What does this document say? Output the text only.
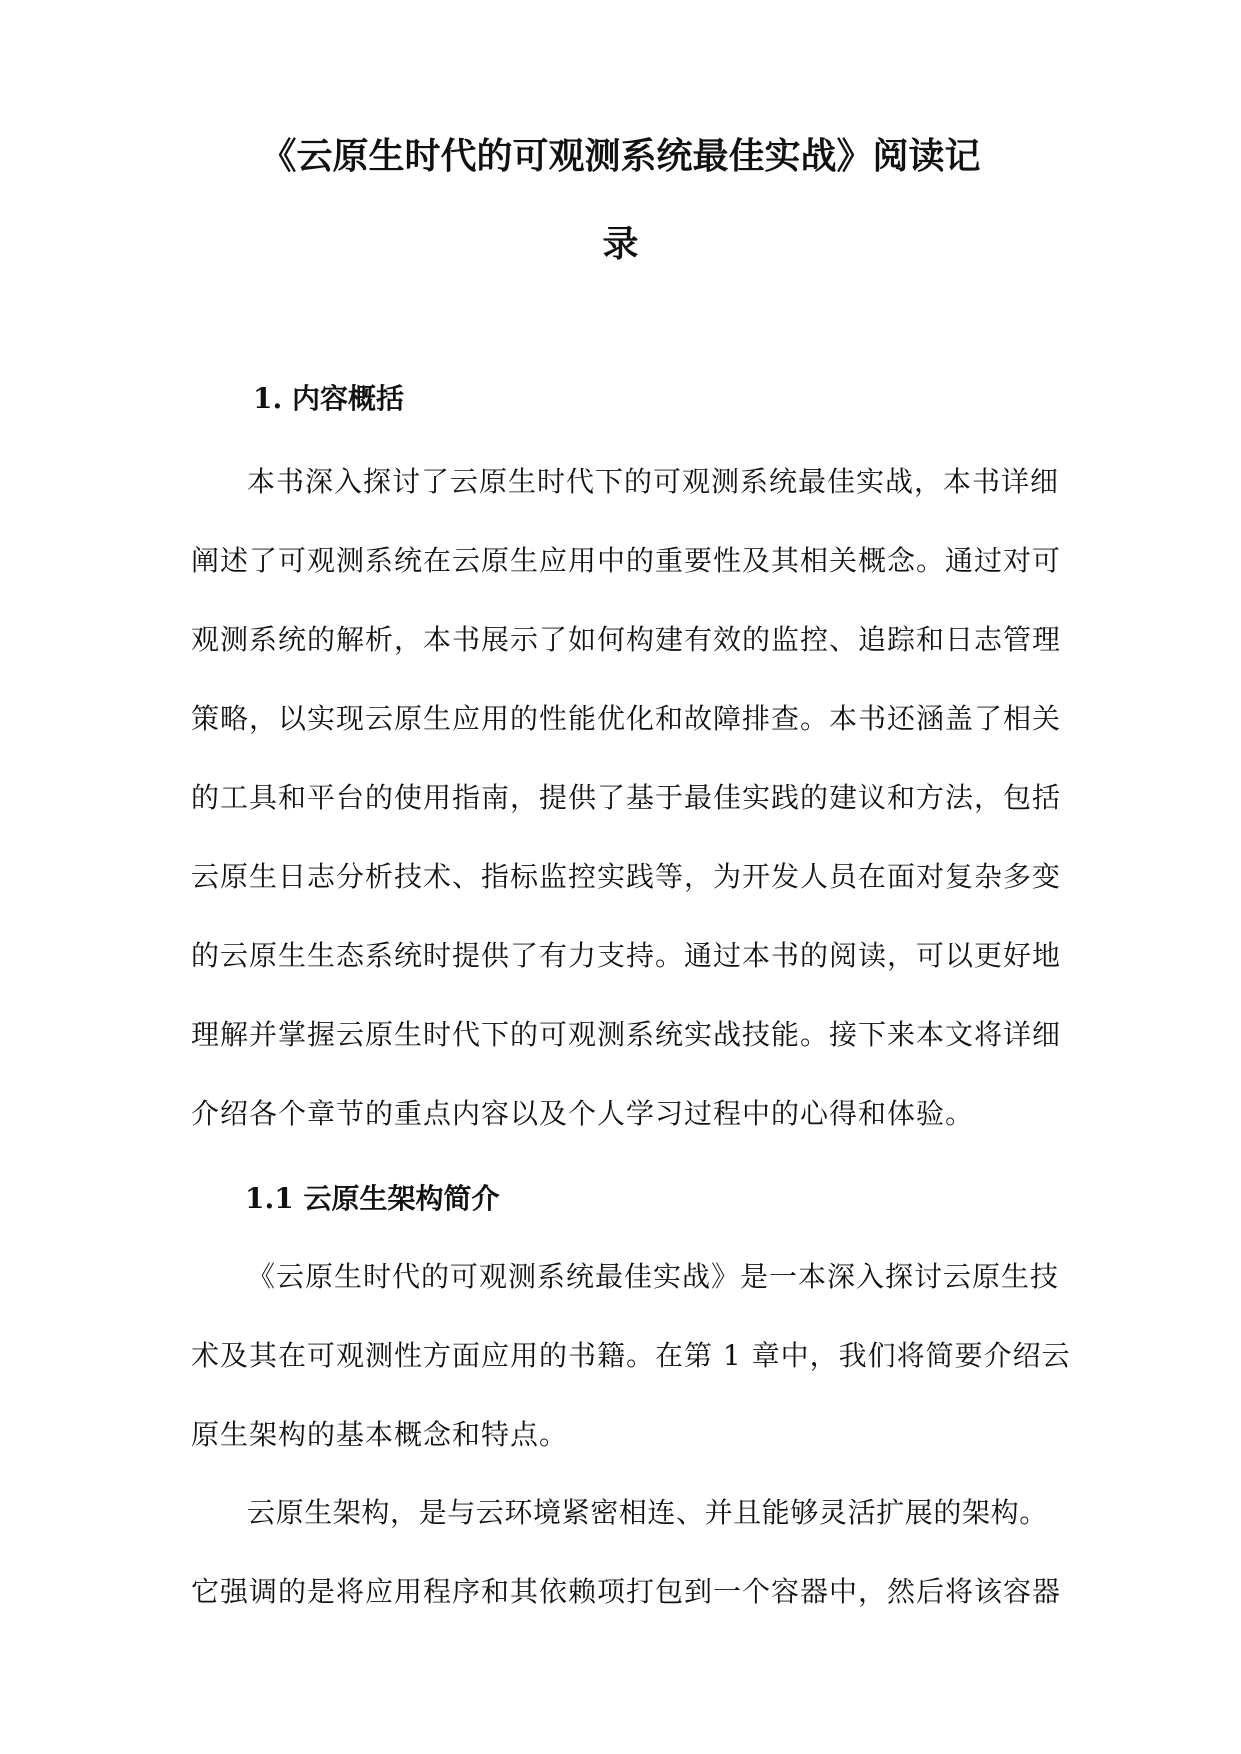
《云原生时代的可观测系统最佳实战》阅读记
录
1. 内容概括

本书深入探讨了云原生时代下的可观测系统最佳实战，本书详细

阐述了可观测系统在云原生应用中的重要性及其相关概念。通过对可

观测系统的解析，本书展示了如何构建有效的监控、追踪和日志管理

策略，以实现云原生应用的性能优化和故障排查。本书还涵盖了相关

的工具和平台的使用指南，提供了基于最佳实践的建议和方法，包括

云原生日志分析技术、指标监控实践等，为开发人员在面对复杂多变

的云原生生态系统时提供了有力支持。通过本书的阅读，可以更好地

理解并掌握云原生时代下的可观测系统实战技能。接下来本文将详细

介绍各个章节的重点内容以及个人学习过程中的心得和体验。

1.1 云原生架构简介

《云原生时代的可观测系统最佳实战》是一本深入探讨云原生技

术及其在可观测性方面应用的书籍。在第 1 章中，我们将简要介绍云

原生架构的基本概念和特点。

云原生架构，是与云环境紧密相连、并且能够灵活扩展的架构。

它强调的是将应用程序和其依赖项打包到一个容器中，然后将该容器
